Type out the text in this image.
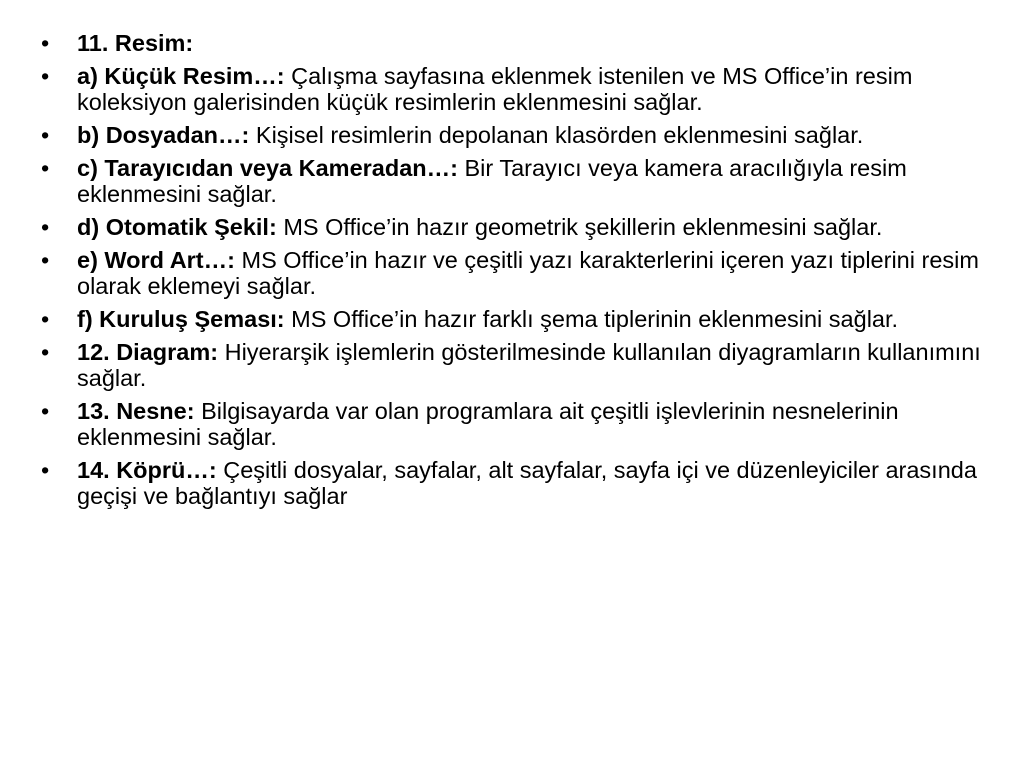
• 11. Resim:
• a) Küçük Resim…: Çalışma sayfasına eklenmek istenilen ve MS Office’in resim koleksiyon galerisinden küçük resimlerin eklenmesini sağlar.
• b) Dosyadan…: Kişisel resimlerin depolanan klasörden eklenmesini sağlar.
• c) Tarayıcıdan veya Kameradan…: Bir Tarayıcı veya kamera aracılığıyla resim eklenmesini sağlar.
• d) Otomatik Şekil: MS Office’in hazır geometrik şekillerin eklenmesini sağlar.
• e) Word Art…: MS Office’in hazır ve çeşitli yazı karakterlerini içeren yazı tiplerini resim olarak eklemeyi sağlar.
• f) Kuruluş Şeması: MS Office’in hazır farklı şema tiplerinin eklenmesini sağlar.
• 12. Diagram: Hiyerarşik işlemlerin gösterilmesinde kullanılan diyagramların kullanımını sağlar.
• 13. Nesne: Bilgisayarda var olan programlara ait çeşitli işlevlerinin nesnelerinin eklenmesini sağlar.
• 14. Köprü…: Çeşitli dosyalar, sayfalar, alt sayfalar, sayfa içi ve düzenleyiciler arasında geçişi ve bağlantıyı sağlar
